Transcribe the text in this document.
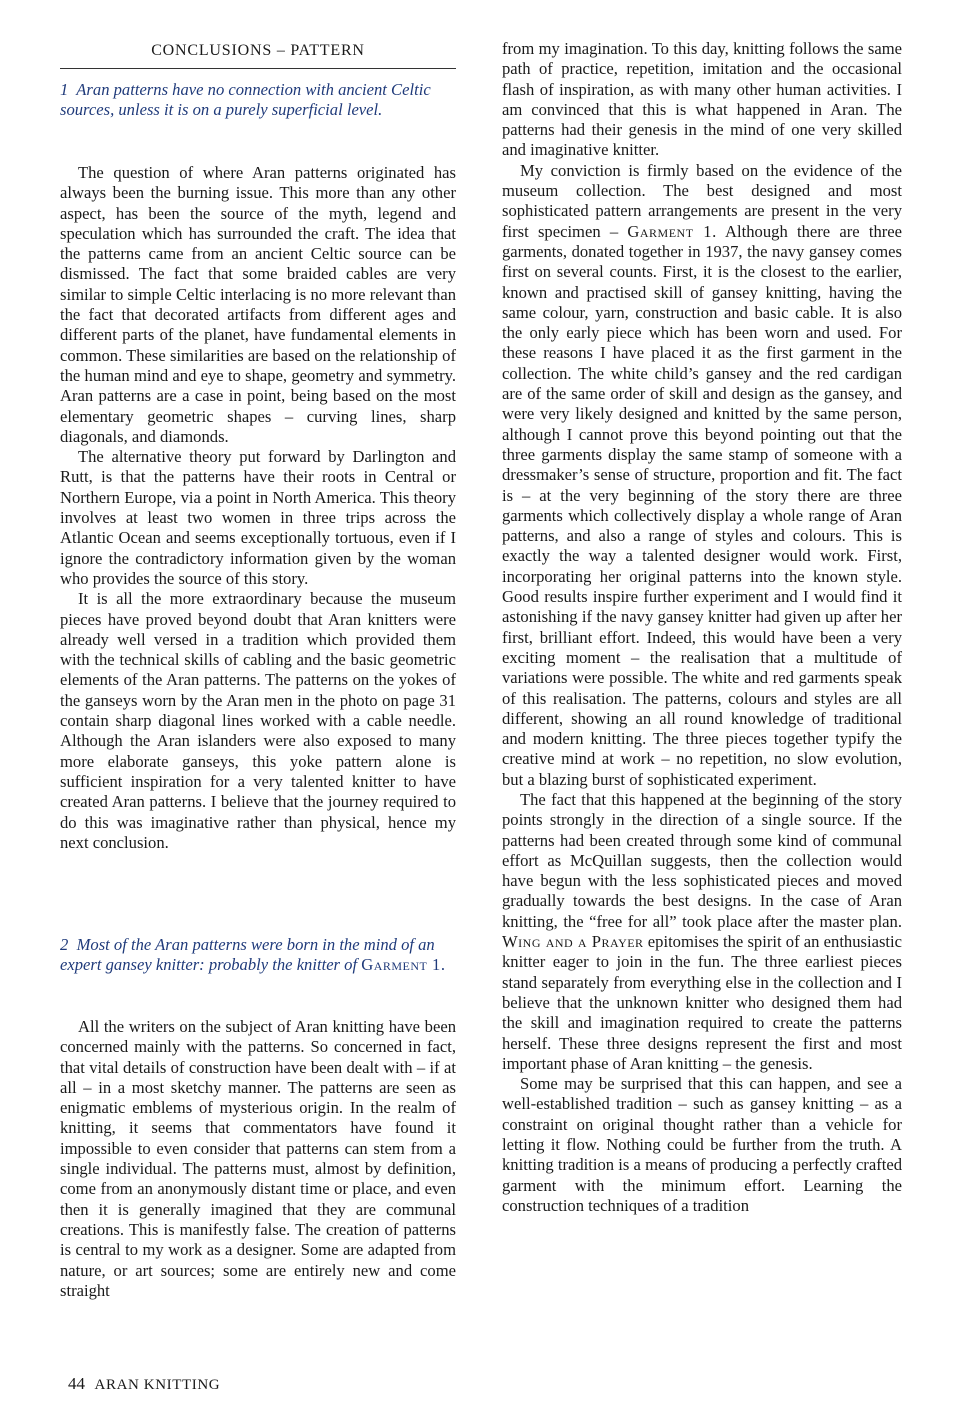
CONCLUSIONS – PATTERN

1 Aran patterns have no connection with ancient Celtic sources, unless it is on a purely superficial level.

The question of where Aran patterns originated has always been the burning issue. This more than any other aspect, has been the source of the myth, legend and speculation which has surrounded the craft. The idea that the patterns came from an ancient Celtic source can be dismissed. The fact that some braided cables are very similar to simple Celtic interlacing is no more relevant than the fact that decorated artifacts from different ages and different parts of the planet, have fundamental elements in common. These similarities are based on the relationship of the human mind and eye to shape, geometry and symmetry. Aran patterns are a case in point, being based on the most elementary geometric shapes – curving lines, sharp diagonals, and diamonds.

The alternative theory put forward by Darlington and Rutt, is that the patterns have their roots in Central or Northern Europe, via a point in North America. This theory involves at least two women in three trips across the Atlantic Ocean and seems exceptionally tortuous, even if I ignore the contradictory information given by the woman who provides the source of this story.

It is all the more extraordinary because the museum pieces have proved beyond doubt that Aran knitters were already well versed in a tradition which provided them with the technical skills of cabling and the basic geometric elements of the Aran patterns. The patterns on the yokes of the ganseys worn by the Aran men in the photo on page 31 contain sharp diagonal lines worked with a cable needle. Although the Aran islanders were also exposed to many more elaborate ganseys, this yoke pattern alone is sufficient inspiration for a very talented knitter to have created Aran patterns. I believe that the journey required to do this was imaginative rather than physical, hence my next conclusion.

2 Most of the Aran patterns were born in the mind of an expert gansey knitter: probably the knitter of Garment 1.

All the writers on the subject of Aran knitting have been concerned mainly with the patterns. So concerned in fact, that vital details of construction have been dealt with – if at all – in a most sketchy manner. The patterns are seen as enigmatic emblems of mysterious origin. In the realm of knitting, it seems that commentators have found it impossible to even consider that patterns can stem from a single individual. The patterns must, almost by definition, come from an anonymously distant time or place, and even then it is generally imagined that they are communal creations. This is manifestly false. The creation of patterns is central to my work as a designer. Some are adapted from nature, or art sources; some are entirely new and come straight

from my imagination. To this day, knitting follows the same path of practice, repetition, imitation and the occasional flash of inspiration, as with many other human activities. I am convinced that this is what happened in Aran. The patterns had their genesis in the mind of one very skilled and imaginative knitter.

My conviction is firmly based on the evidence of the museum collection. The best designed and most sophisticated pattern arrangements are present in the very first specimen – Garment 1. Although there are three garments, donated together in 1937, the navy gansey comes first on several counts. First, it is the closest to the earlier, known and practised skill of gansey knitting, having the same colour, yarn, construction and basic cable. It is also the only early piece which has been worn and used. For these reasons I have placed it as the first garment in the collection. The white child’s gansey and the red cardigan are of the same order of skill and design as the gansey, and were very likely designed and knitted by the same person, although I cannot prove this beyond pointing out that the three garments display the same stamp of someone with a dressmaker’s sense of structure, proportion and fit. The fact is – at the very beginning of the story there are three garments which collectively display a whole range of Aran patterns, and also a range of styles and colours. This is exactly the way a talented designer would work. First, incorporating her original patterns into the known style. Good results inspire further experiment and I would find it astonishing if the navy gansey knitter had given up after her first, brilliant effort. Indeed, this would have been a very exciting moment – the realisation that a multitude of variations were possible. The white and red garments speak of this realisation. The patterns, colours and styles are all different, showing an all round knowledge of traditional and modern knitting. The three pieces together typify the creative mind at work – no repetition, no slow evolution, but a blazing burst of sophisticated experiment.

The fact that this happened at the beginning of the story points strongly in the direction of a single source. If the patterns had been created through some kind of communal effort as McQuillan suggests, then the collection would have begun with the less sophisticated pieces and moved gradually towards the best designs. In the case of Aran knitting, the “free for all” took place after the master plan. Wing and a Prayer epitomises the spirit of an enthusiastic knitter eager to join in the fun. The three earliest pieces stand separately from everything else in the collection and I believe that the unknown knitter who designed them had the skill and imagination required to create the patterns herself. These three designs represent the first and most important phase of Aran knitting – the genesis.

Some may be surprised that this can happen, and see a well-established tradition – such as gansey knitting – as a constraint on original thought rather than a vehicle for letting it flow. Nothing could be further from the truth. A knitting tradition is a means of producing a perfectly crafted garment with the minimum effort. Learning the construction techniques of a tradition

44 ARAN KNITTING
